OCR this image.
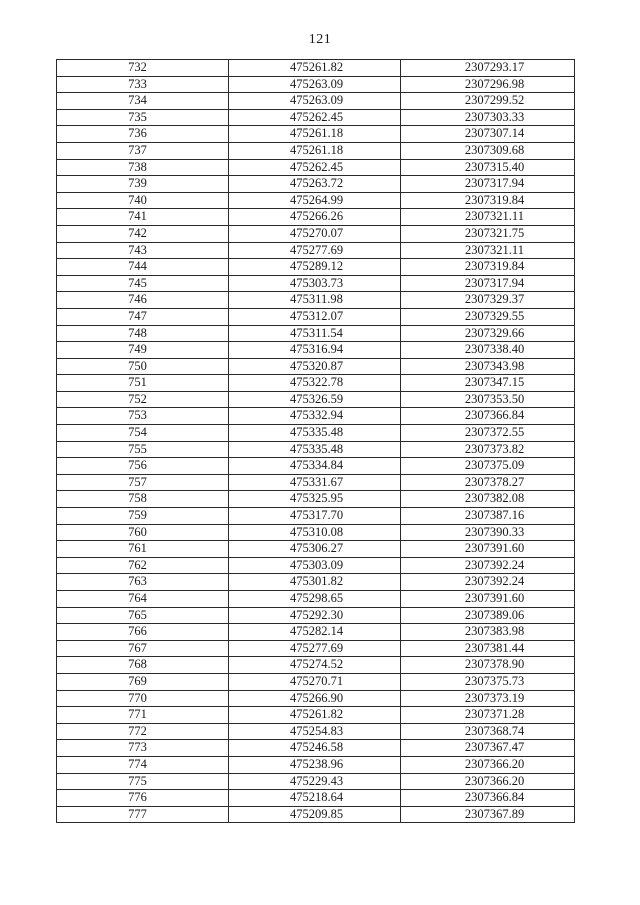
121
732	475261.82	2307293.17
733	475263.09	2307296.98
734	475263.09	2307299.52
735	475262.45	2307303.33
736	475261.18	2307307.14
737	475261.18	2307309.68
738	475262.45	2307315.40
739	475263.72	2307317.94
740	475264.99	2307319.84
741	475266.26	2307321.11
742	475270.07	2307321.75
743	475277.69	2307321.11
744	475289.12	2307319.84
745	475303.73	2307317.94
746	475311.98	2307329.37
747	475312.07	2307329.55
748	475311.54	2307329.66
749	475316.94	2307338.40
750	475320.87	2307343.98
751	475322.78	2307347.15
752	475326.59	2307353.50
753	475332.94	2307366.84
754	475335.48	2307372.55
755	475335.48	2307373.82
756	475334.84	2307375.09
757	475331.67	2307378.27
758	475325.95	2307382.08
759	475317.70	2307387.16
760	475310.08	2307390.33
761	475306.27	2307391.60
762	475303.09	2307392.24
763	475301.82	2307392.24
764	475298.65	2307391.60
765	475292.30	2307389.06
766	475282.14	2307383.98
767	475277.69	2307381.44
768	475274.52	2307378.90
769	475270.71	2307375.73
770	475266.90	2307373.19
771	475261.82	2307371.28
772	475254.83	2307368.74
773	475246.58	2307367.47
774	475238.96	2307366.20
775	475229.43	2307366.20
776	475218.64	2307366.84
777	475209.85	2307367.89
